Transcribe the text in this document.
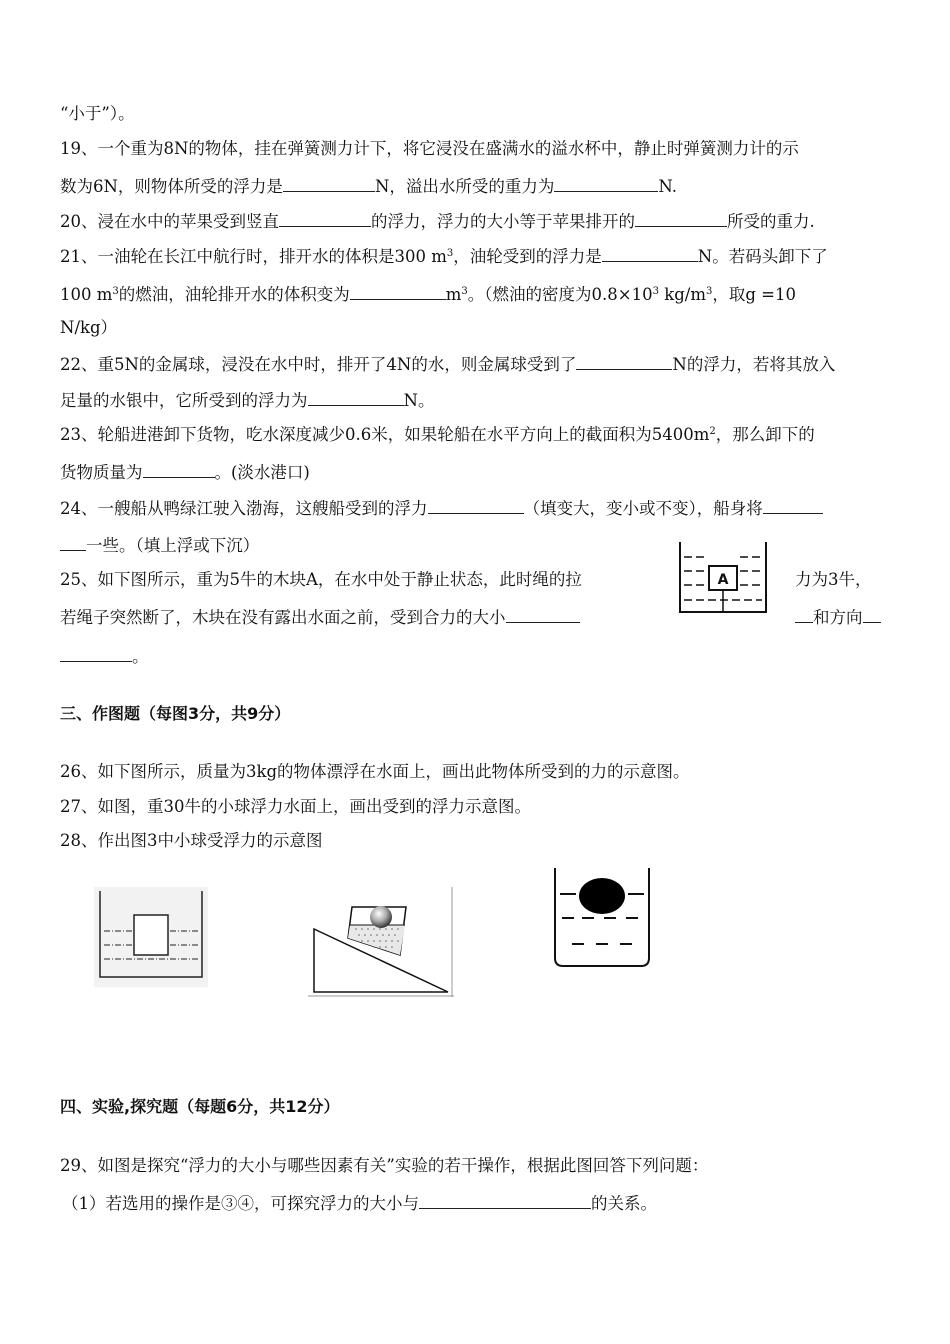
“小于”）。
19、一个重为8N的物体，挂在弹簧测力计下，将它浸没在盛满水的溢水杯中，静止时弹簧测力计的示
数为6N，则物体所受的浮力是	N，溢出水所受的重力为	N.
20、浸在水中的苹果受到竖直	的浮力，浮力的大小等于苹果排开的	所受的重力.
21、一油轮在长江中航行时，排开水的体积是300 $m^3$，油轮受到的浮力是	N。若码头卸下了
100 $m^3$的燃油，油轮排开水的体积变为	$m^3$。（燃油的密度为$0.8\times 10^3$ $kg/m^3$，取g =10
N/kg）
22、重5N的金属球，浸没在水中时，排开了4N的水，则金属球受到了	N的浮力，若将其放入
足量的水银中，它所受到的浮力为	N。
23、轮船进港卸下货物，吃水深度减少0.6米，如果轮船在水平方向上的截面积为$5400m^2$，那么卸下的
货物质量为	。(淡水港口)
24、一艘船从鸭绿江驶入渤海，这艘船受到的浮力	（填变大，变小或不变），船身将
一些。（填上浮或下沉）
25、如下图所示，重为5牛的木块A，在水中处于静止状态，此时绳的拉	力为3牛，
若绳子突然断了，木块在没有露出水面之前，受到合力的大小	和方向
。
A
三、作图题（每图3分，共9分）
26、如下图所示，质量为3kg的物体漂浮在水面上，画出此物体所受到的力的示意图。
27、如图，重30牛的小球浮力水面上，画出受到的浮力示意图。
28、作出图3中小球受浮力的示意图
四、实验,探究题（每题6分，共12分）
29、如图是探究“浮力的大小与哪些因素有关”实验的若干操作，根据此图回答下列问题：
（1）若选用的操作是③④，可探究浮力的大小与	的关系。
